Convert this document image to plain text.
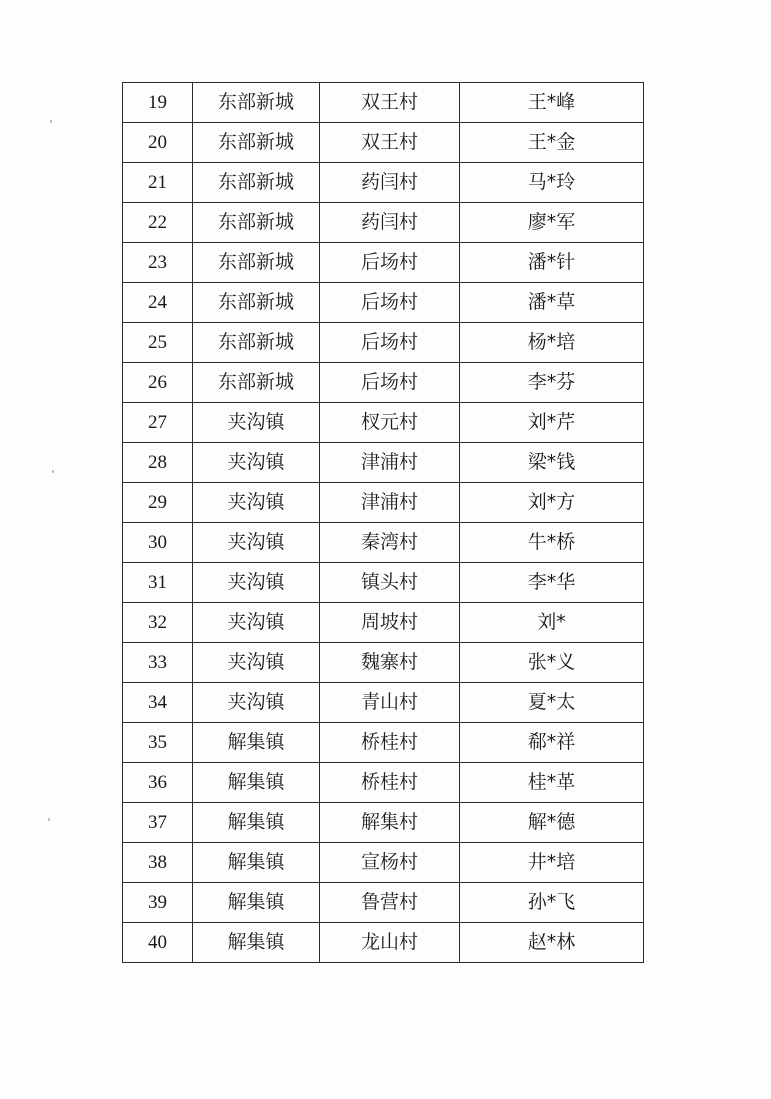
19	东部新城	双王村	王*峰
20	东部新城	双王村	王*金
21	东部新城	药闫村	马*玲
22	东部新城	药闫村	廖*军
23	东部新城	后场村	潘*针
24	东部新城	后场村	潘*草
25	东部新城	后场村	杨*培
26	东部新城	后场村	李*芬
27	夹沟镇	杈元村	刘*芹
28	夹沟镇	津浦村	梁*钱
29	夹沟镇	津浦村	刘*方
30	夹沟镇	秦湾村	牛*桥
31	夹沟镇	镇头村	李*华
32	夹沟镇	周坡村	刘*
33	夹沟镇	魏寨村	张*义
34	夹沟镇	青山村	夏*太
35	解集镇	桥桂村	郗*祥
36	解集镇	桥桂村	桂*革
37	解集镇	解集村	解*德
38	解集镇	宣杨村	井*培
39	解集镇	鲁营村	孙*飞
40	解集镇	龙山村	赵*林
